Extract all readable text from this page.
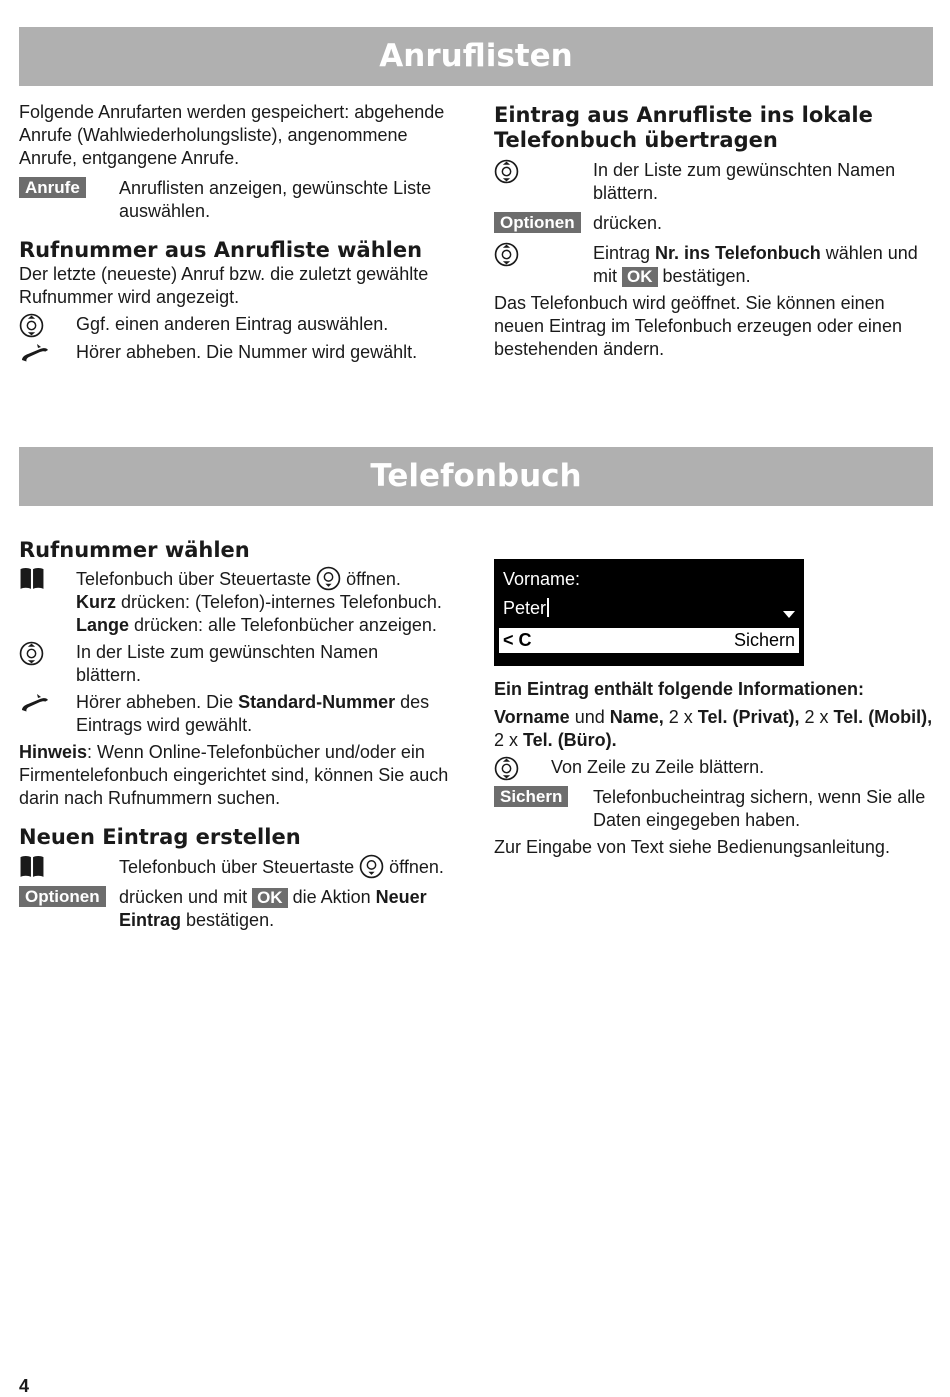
Anruflisten

Folgende Anrufarten werden gespeichert: abgehende Anrufe (Wahlwiederholungsliste), angenommene Anrufe, entgangene Anrufe.

Anrufe	Anruflisten anzeigen, gewünschte Liste auswählen.
Rufnummer aus Anrufliste wählen

Der letzte (neueste) Anruf bzw. die zuletzt gewählte Rufnummer wird angezeigt.

Ggf. einen anderen Eintrag auswählen.
Hörer abheben. Die Nummer wird gewählt.
Eintrag aus Anrufliste ins lokale Telefonbuch übertragen
In der Liste zum gewünschten Namen blättern.
Optionen	drücken.
Eintrag Nr. ins Telefonbuch wählen und mit OK bestätigen.

Das Telefonbuch wird geöffnet. Sie können einen neuen Eintrag im Telefonbuch erzeugen oder einen bestehenden ändern.

Telefonbuch
Rufnummer wählen
Telefonbuch über Steuertaste  öffnen.
Kurz drücken: (Telefon)-internes Telefonbuch.
Lange drücken: alle Telefonbücher anzeigen.
In der Liste zum gewünschten Namen blättern.
Hörer abheben. Die Standard-Nummer des Eintrags wird gewählt.

Hinweis: Wenn Online-Telefonbücher und/oder ein Firmentelefonbuch eingerichtet sind, können Sie auch darin nach Rufnummern suchen.

Neuen Eintrag erstellen
Telefonbuch über Steuertaste  öffnen.
Optionen	drücken und mit OK die Aktion Neuer Eintrag bestätigen.
Vorname:
Peter
< C	Sichern

Ein Eintrag enthält folgende Informationen:

Vorname und Name, 2 x Tel. (Privat), 2 x Tel. (Mobil), 2 x Tel. (Büro).

Von Zeile zu Zeile blättern.
Sichern	Telefonbucheintrag sichern, wenn Sie alle Daten eingegeben haben.

Zur Eingabe von Text siehe Bedienungsanleitung.

4
